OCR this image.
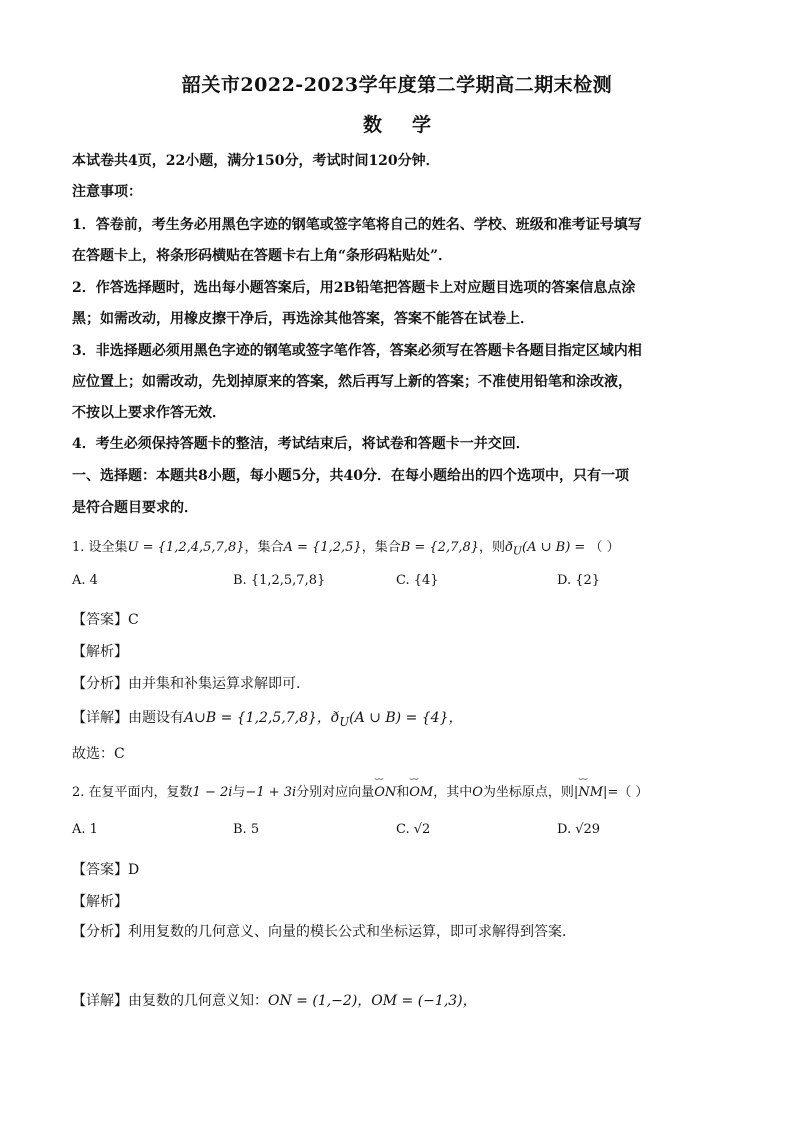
韶关市2022-2023学年度第二学期高二期末检测
数学
本试卷共4页，22小题，满分150分，考试时间120分钟．
注意事项：
1．答卷前，考生务必用黑色字迹的钢笔或签字笔将自己的姓名、学校、班级和准考证号填写
在答题卡上，将条形码横贴在答题卡右上角“条形码粘贴处”．
2．作答选择题时，选出每小题答案后，用2B铅笔把答题卡上对应题目选项的答案信息点涂
黑；如需改动，用橡皮擦干净后，再选涂其他答案，答案不能答在试卷上．
3．非选择题必须用黑色字迹的钢笔或签字笔作答，答案必须写在答题卡各题目指定区域内相
应位置上；如需改动，先划掉原来的答案，然后再写上新的答案；不准使用铅笔和涂改液，
不按以上要求作答无效．
4．考生必须保持答题卡的整洁，考试结束后，将试卷和答题卡一并交回．
一、选择题：本题共8小题，每小题5分，共40分．在每小题给出的四个选项中，只有一项
是符合题目要求的．
1. 设全集U = {1,2,4,5,7,8}，集合A = {1,2,5}，集合B = {2,7,8}，则$ð_U(A$ ∪ B) = （ ）
A. 4	B. {1,2,5,7,8}	C. {4}	D. {2}
【答案】C
【解析】
【分析】由并集和补集运算求解即可.
【详解】由题设有A∪B = {1,2,5,7,8}，$ð_U(A$ ∪ B) = {4}，
故选：C
2. 在复平面内，复数1 − 2i与−1 + 3i分别对应向量⌣⌣ ON和⌣⌣ OM，其中O为坐标原点，则|⌣⌣ NM|=（ ）
A. 1	B. 5	C. √2	D. √29
【答案】D
【解析】
【分析】利用复数的几何意义、向量的模长公式和坐标运算，即可求解得到答案．
【详解】由复数的几何意义知：ON = (1,−2)，OM = (−1,3)，
